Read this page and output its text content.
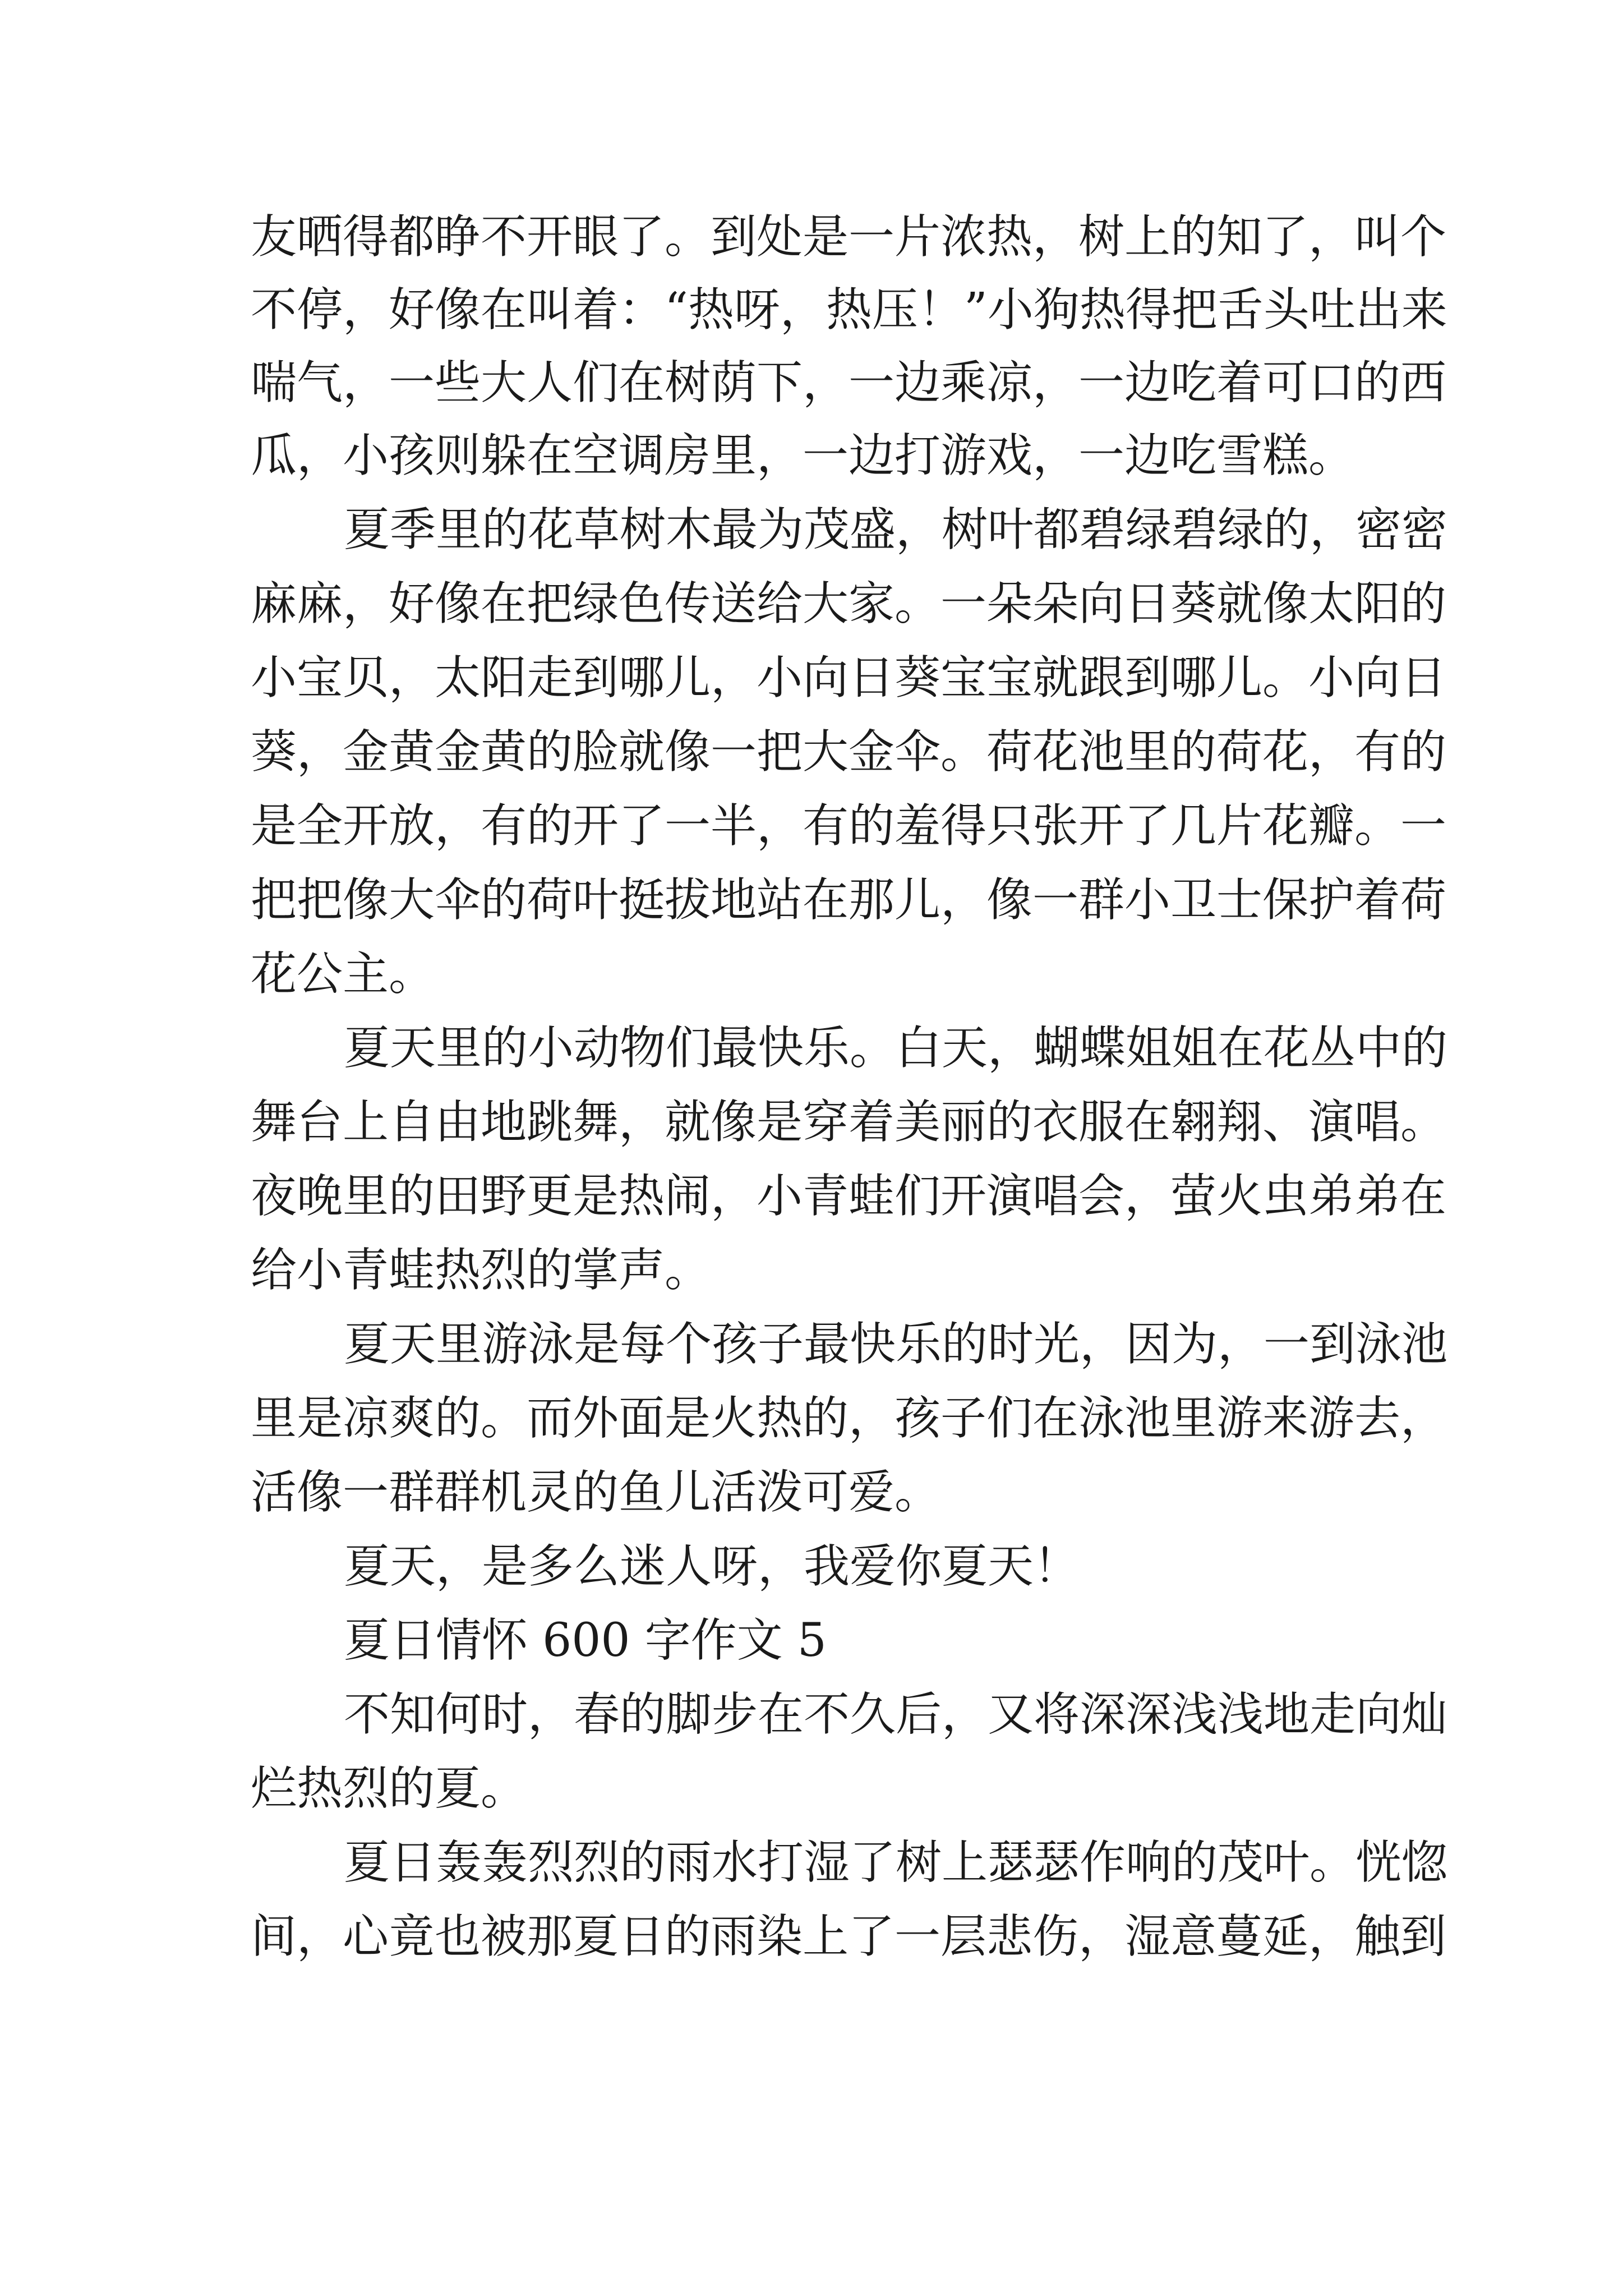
友晒得都睁不开眼了。到处是一片浓热，树上的知了，叫个
不停，好像在叫着：“热呀，热压！”小狗热得把舌头吐出来
喘气，一些大人们在树荫下，一边乘凉，一边吃着可口的西
瓜，小孩则躲在空调房里，一边打游戏，一边吃雪糕。
夏季里的花草树木最为茂盛，树叶都碧绿碧绿的，密密
麻麻，好像在把绿色传送给大家。一朵朵向日葵就像太阳的
小宝贝，太阳走到哪儿，小向日葵宝宝就跟到哪儿。小向日
葵，金黄金黄的脸就像一把大金伞。荷花池里的荷花，有的
是全开放，有的开了一半，有的羞得只张开了几片花瓣。一
把把像大伞的荷叶挺拔地站在那儿，像一群小卫士保护着荷
花公主。
夏天里的小动物们最快乐。白天，蝴蝶姐姐在花丛中的
舞台上自由地跳舞，就像是穿着美丽的衣服在翱翔、演唱。
夜晚里的田野更是热闹，小青蛙们开演唱会，萤火虫弟弟在
给小青蛙热烈的掌声。
夏天里游泳是每个孩子最快乐的时光，因为，一到泳池
里是凉爽的。而外面是火热的，孩子们在泳池里游来游去，
活像一群群机灵的鱼儿活泼可爱。
夏天，是多么迷人呀，我爱你夏天！
夏日情怀 600 字作文 5
不知何时，春的脚步在不久后，又将深深浅浅地走向灿
烂热烈的夏。
夏日轰轰烈烈的雨水打湿了树上瑟瑟作响的茂叶。恍惚
间，心竟也被那夏日的雨染上了一层悲伤，湿意蔓延，触到
